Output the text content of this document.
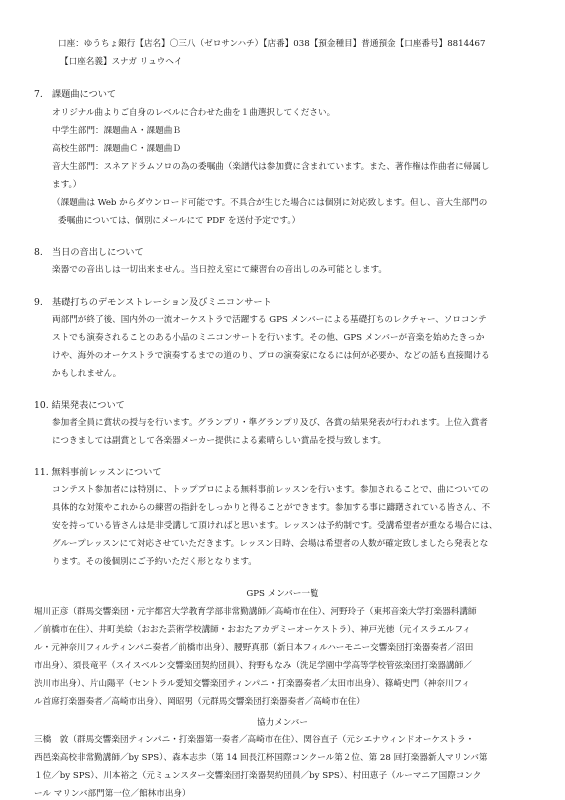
口座：ゆうちょ銀行【店名】〇三八（ゼロサンハチ）【店番】038【預金種目】普通預金【口座番号】8814467
【口座名義】スナガ リュウヘイ
7.　課題曲について
オリジナル曲よりご自身のレベルに合わせた曲を１曲選択してください。
中学生部門：課題曲Ａ・課題曲Ｂ
高校生部門：課題曲Ｃ・課題曲Ｄ
音大生部門：スネアドラムソロの為の委嘱曲（楽譜代は参加費に含まれています。また、著作権は作曲者に帰属し
ます。）
（課題曲は Web からダウンロード可能です。不具合が生じた場合には個別に対応致します。但し、音大生部門の
委嘱曲については、個別にメールにて PDF を送付予定です。）
8.　当日の音出しについて
楽器での音出しは一切出来ません。当日控え室にて練習台の音出しのみ可能とします。
9.　基礎打ちのデモンストレーション及びミニコンサート
両部門が終了後、国内外の一流オーケストラで活躍する GPS メンバーによる基礎打ちのレクチャー、ソロコンテ
ストでも演奏されることのある小品のミニコンサートを行います。その他、GPS メンバーが音楽を始めたきっか
けや、海外のオーケストラで演奏するまでの道のり、プロの演奏家になるには何が必要か、などの話も直接聞ける
かもしれません。
10. 結果発表について
参加者全員に賞状の授与を行います。グランプリ・準グランプリ及び、各賞の結果発表が行われます。上位入賞者
につきましては副賞として各楽器メーカー提供による素晴らしい賞品を授与致します。
11. 無料事前レッスンについて
コンテスト参加者には特別に、トッププロによる無料事前レッスンを行います。参加されることで、曲についての
具体的な対策やこれからの練習の指針をしっかりと得ることができます。参加する事に躊躇されている皆さん、不
安を持っている皆さんは是非受講して頂ければと思います。レッスンは予約制です。受講希望者が重なる場合には、
グループレッスンにて対応させていただきます。レッスン日時、会場は希望者の人数が確定致しましたら発表とな
ります。その後個別にご予約いただく形となります。
GPS メンバー一覧
堀川正彦（群馬交響楽団・元宇都宮大学教育学部非常勤講師／高崎市在住）、河野玲子（東邦音楽大学打楽器科講師
／前橋市在住）、井町美絵（おおた芸術学校講師・おおたアカデミーオーケストラ）、神戸光徳（元イスラエルフィ
ル・元神奈川フィルティンパニ奏者／前橋市出身）、腰野真那（新日本フィルハーモニー交響楽団打楽器奏者／沼田
市出身）、須長竜平（スイスベルン交響楽団契約団員）、狩野もなみ（洗足学園中学高等学校管弦楽団打楽器講師／
渋川市出身）、片山陽平（セントラル愛知交響楽団ティンパニ・打楽器奏者／太田市出身）、篠崎史門（神奈川フィ
ル首席打楽器奏者／高崎市出身）、岡昭男（元群馬交響楽団打楽器奏者／高崎市在住）
協力メンバー
三橋　敦（群馬交響楽団ティンパニ・打楽器第一奏者／高崎市在住）、関谷直子（元シエナウィンドオーケストラ・
西邑楽高校非常勤講師／by SPS）、森本志歩（第 14 回長江杯国際コンクール第２位、第 28 回打楽器新人マリンバ第
１位／by SPS）、川本裕之（元ミュンスター交響楽団打楽器契約団員／by SPS）、村田恵子（ルーマニア国際コンク
ール マリンバ部門第一位／館林市出身）
